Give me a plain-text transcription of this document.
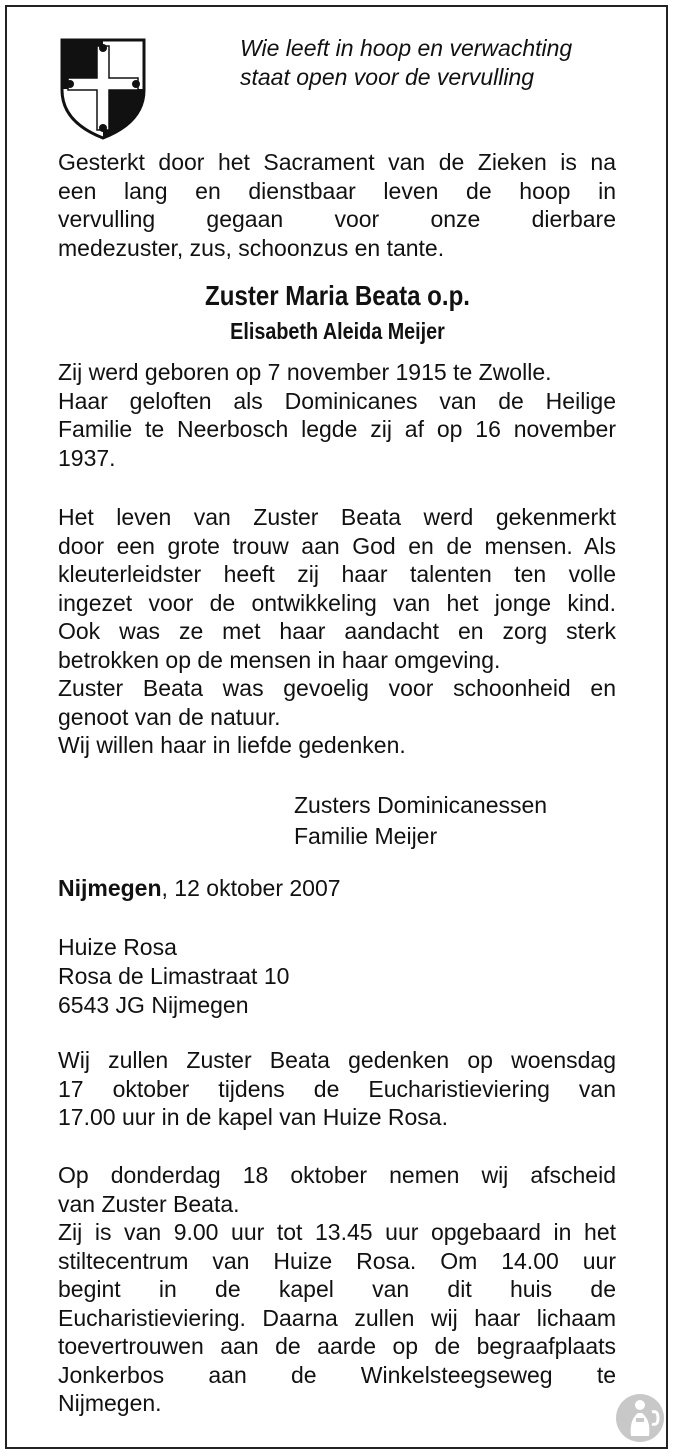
Wie leeft in hoop en verwachting
staat open voor de vervulling
Gesterkt door het Sacrament van de Zieken is na
een lang en dienstbaar leven de hoop in
vervulling gegaan voor onze dierbare
medezuster, zus, schoonzus en tante.
Zuster Maria Beata o.p.
Elisabeth Aleida Meijer
Zij werd geboren op 7 november 1915 te Zwolle.
Haar geloften als Dominicanes van de Heilige
Familie te Neerbosch legde zij af op 16 november
1937.
Het leven van Zuster Beata werd gekenmerkt
door een grote trouw aan God en de mensen. Als
kleuterleidster heeft zij haar talenten ten volle
ingezet voor de ontwikkeling van het jonge kind.
Ook was ze met haar aandacht en zorg sterk
betrokken op de mensen in haar omgeving.
Zuster Beata was gevoelig voor schoonheid en
genoot van de natuur.
Wij willen haar in liefde gedenken.
Zusters Dominicanessen
Familie Meijer
Nijmegen, 12 oktober 2007
Huize Rosa
Rosa de Limastraat 10
6543 JG Nijmegen
Wij zullen Zuster Beata gedenken op woensdag
17 oktober tijdens de Eucharistieviering van
17.00 uur in de kapel van Huize Rosa.
Op donderdag 18 oktober nemen wij afscheid
van Zuster Beata.
Zij is van 9.00 uur tot 13.45 uur opgebaard in het
stiltecentrum van Huize Rosa. Om 14.00 uur
begint in de kapel van dit huis de
Eucharistieviering. Daarna zullen wij haar lichaam
toevertrouwen aan de aarde op de begraafplaats
Jonkerbos aan de Winkelsteegseweg te
Nijmegen.
